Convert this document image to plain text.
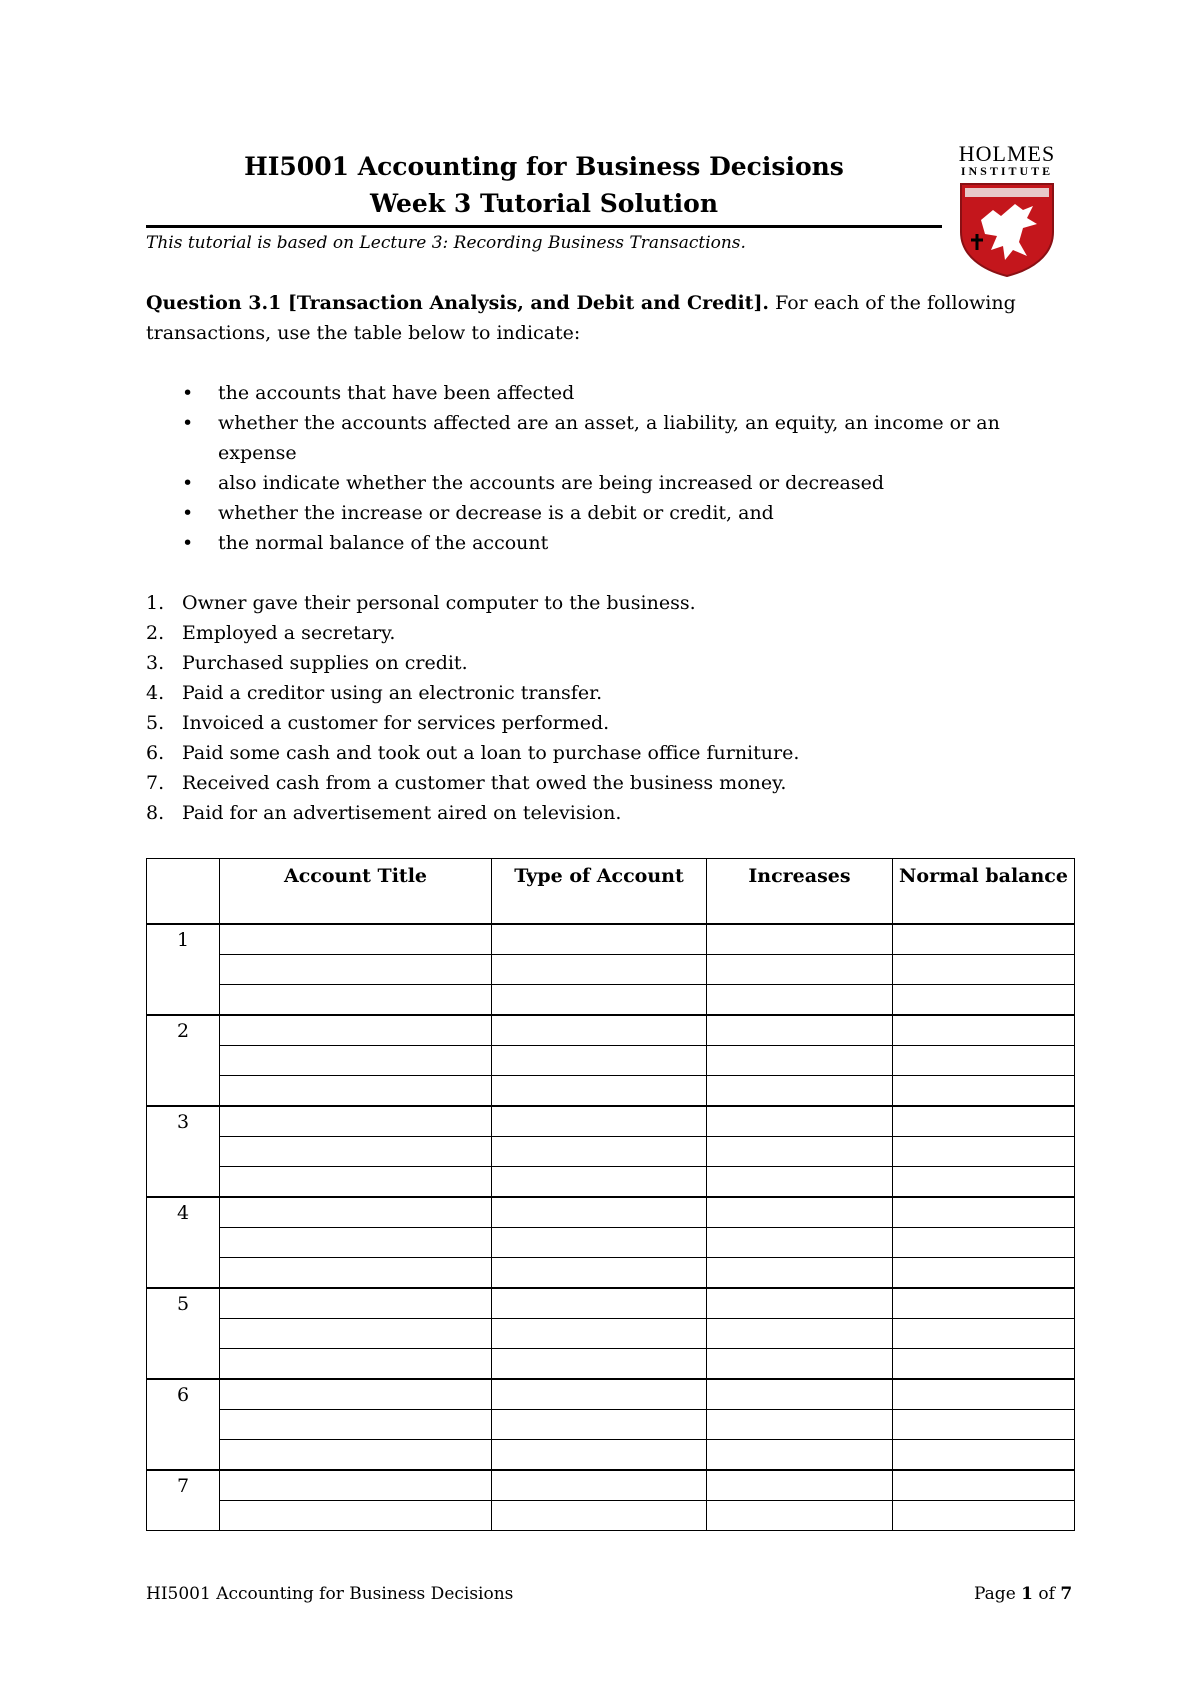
HI5001 Accounting for Business Decisions
Week 3 Tutorial Solution
This tutorial is based on Lecture 3: Recording Business Transactions.
HOLMES
INSTITUTE
Question 3.1 [Transaction Analysis, and Debit and Credit]. For each of the following transactions, use the table below to indicate:
• the accounts that have been affected
• whether the accounts affected are an asset, a liability, an equity, an income or an expense
• also indicate whether the accounts are being increased or decreased
• whether the increase or decrease is a debit or credit, and
• the normal balance of the account
1. Owner gave their personal computer to the business.
2. Employed a secretary.
3. Purchased supplies on credit.
4. Paid a creditor using an electronic transfer.
5. Invoiced a customer for services performed.
6. Paid some cash and took out a loan to purchase office furniture.
7. Received cash from a customer that owed the business money.
8. Paid for an advertisement aired on television.
	Account Title	Type of Account	Increases	Normal balance
1				

2				

3				

4				

5				

6				

7				

HI5001 Accounting for Business Decisions	Page 1 of 7
